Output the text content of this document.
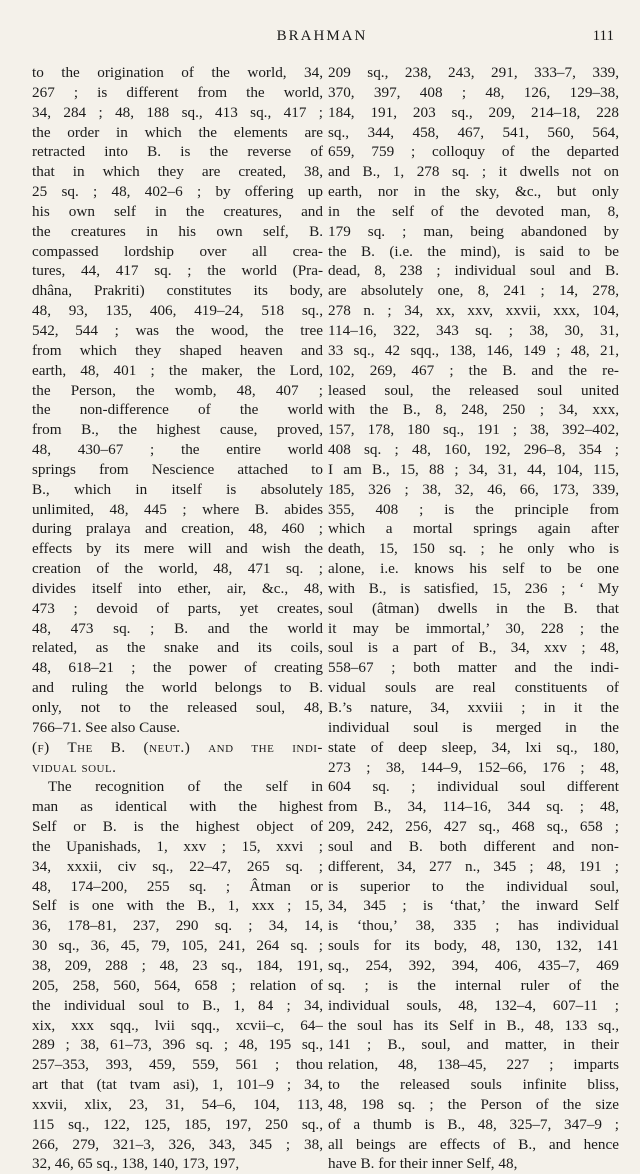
BRAHMAN	111
to the origination of the world, 34,
267 ; is different from the world,
34, 284 ; 48, 188 sq., 413 sq., 417 ;
the order in which the elements are
retracted into B. is the reverse of
that in which they are created, 38,
25 sq. ; 48, 402–6 ; by offering up
his own self in the creatures, and
the creatures in his own self, B.
compassed lordship over all crea-
tures, 44, 417 sq. ; the world (Pra-
dhâna, Prakriti) constitutes its body,
48, 93, 135, 406, 419–24, 518 sq.,
542, 544 ; was the wood, the tree
from which they shaped heaven and
earth, 48, 401 ; the maker, the Lord,
the Person, the womb, 48, 407 ;
the non-difference of the world
from B., the highest cause, proved,
48, 430–67 ; the entire world
springs from Nescience attached to
B., which in itself is absolutely
unlimited, 48, 445 ; where B. abides
during pralaya and creation, 48, 460 ;
effects by its mere will and wish the
creation of the world, 48, 471 sq. ;
divides itself into ether, air, &c., 48,
473 ; devoid of parts, yet creates,
48, 473 sq. ; B. and the world
related, as the snake and its coils,
48, 618–21 ; the power of creating
and ruling the world belongs to B.
only, not to the released soul, 48,
766–71. See also Cause.
(f) The B. (neut.) and the indi-
vidual soul.
The recognition of the self in
man as identical with the highest
Self or B. is the highest object of
the Upanishads, 1, xxv ; 15, xxvi ;
34, xxxii, civ sq., 22–47, 265 sq. ;
48, 174–200, 255 sq. ; Âtman or
Self is one with the B., 1, xxx ; 15,
36, 178–81, 237, 290 sq. ; 34, 14,
30 sq., 36, 45, 79, 105, 241, 264 sq. ;
38, 209, 288 ; 48, 23 sq., 184, 191,
205, 258, 560, 564, 658 ; relation of
the individual soul to B., 1, 84 ; 34,
xix, xxx sqq., lvii sqq., xcvii–c, 64–
289 ; 38, 61–73, 396 sq. ; 48, 195 sq.,
257–353, 393, 459, 559, 561 ; thou
art that (tat tvam asi), 1, 101–9 ; 34,
xxvii, xlix, 23, 31, 54–6, 104, 113,
115 sq., 122, 125, 185, 197, 250 sq.,
266, 279, 321–3, 326, 343, 345 ; 38,
32, 46, 65 sq., 138, 140, 173, 197,
209 sq., 238, 243, 291, 333–7, 339,
370, 397, 408 ; 48, 126, 129–38,
184, 191, 203 sq., 209, 214–18, 228
sq., 344, 458, 467, 541, 560, 564,
659, 759 ; colloquy of the departed
and B., 1, 278 sq. ; it dwells not on
earth, nor in the sky, &c., but only
in the self of the devoted man, 8,
179 sq. ; man, being abandoned by
the B. (i.e. the mind), is said to be
dead, 8, 238 ; individual soul and B.
are absolutely one, 8, 241 ; 14, 278,
278 n. ; 34, xx, xxv, xxvii, xxx, 104,
114–16, 322, 343 sq. ; 38, 30, 31,
33 sq., 42 sqq., 138, 146, 149 ; 48, 21,
102, 269, 467 ; the B. and the re-
leased soul, the released soul united
with the B., 8, 248, 250 ; 34, xxx,
157, 178, 180 sq., 191 ; 38, 392–402,
408 sq. ; 48, 160, 192, 296–8, 354 ;
I am B., 15, 88 ; 34, 31, 44, 104, 115,
185, 326 ; 38, 32, 46, 66, 173, 339,
355, 408 ; is the principle from
which a mortal springs again after
death, 15, 150 sq. ; he only who is
alone, i.e. knows his self to be one
with B., is satisfied, 15, 236 ; ‘ My
soul (âtman) dwells in the B. that
it may be immortal,’ 30, 228 ; the
soul is a part of B., 34, xxv ; 48,
558–67 ; both matter and the indi-
vidual souls are real constituents of
B.’s nature, 34, xxviii ; in it the
individual soul is merged in the
state of deep sleep, 34, lxi sq., 180,
273 ; 38, 144–9, 152–66, 176 ; 48,
604 sq. ; individual soul different
from B., 34, 114–16, 344 sq. ; 48,
209, 242, 256, 427 sq., 468 sq., 658 ;
soul and B. both different and non-
different, 34, 277 n., 345 ; 48, 191 ;
is superior to the individual soul,
34, 345 ; is ‘that,’ the inward Self
is ‘thou,’ 38, 335 ; has individual
souls for its body, 48, 130, 132, 141
sq., 254, 392, 394, 406, 435–7, 469
sq. ; is the internal ruler of the
individual souls, 48, 132–4, 607–11 ;
the soul has its Self in B., 48, 133 sq.,
141 ; B., soul, and matter, in their
relation, 48, 138–45, 227 ; imparts
to the released souls infinite bliss,
48, 198 sq. ; the Person of the size
of a thumb is B., 48, 325–7, 347–9 ;
all beings are effects of B., and hence
have B. for their inner Self, 48,
